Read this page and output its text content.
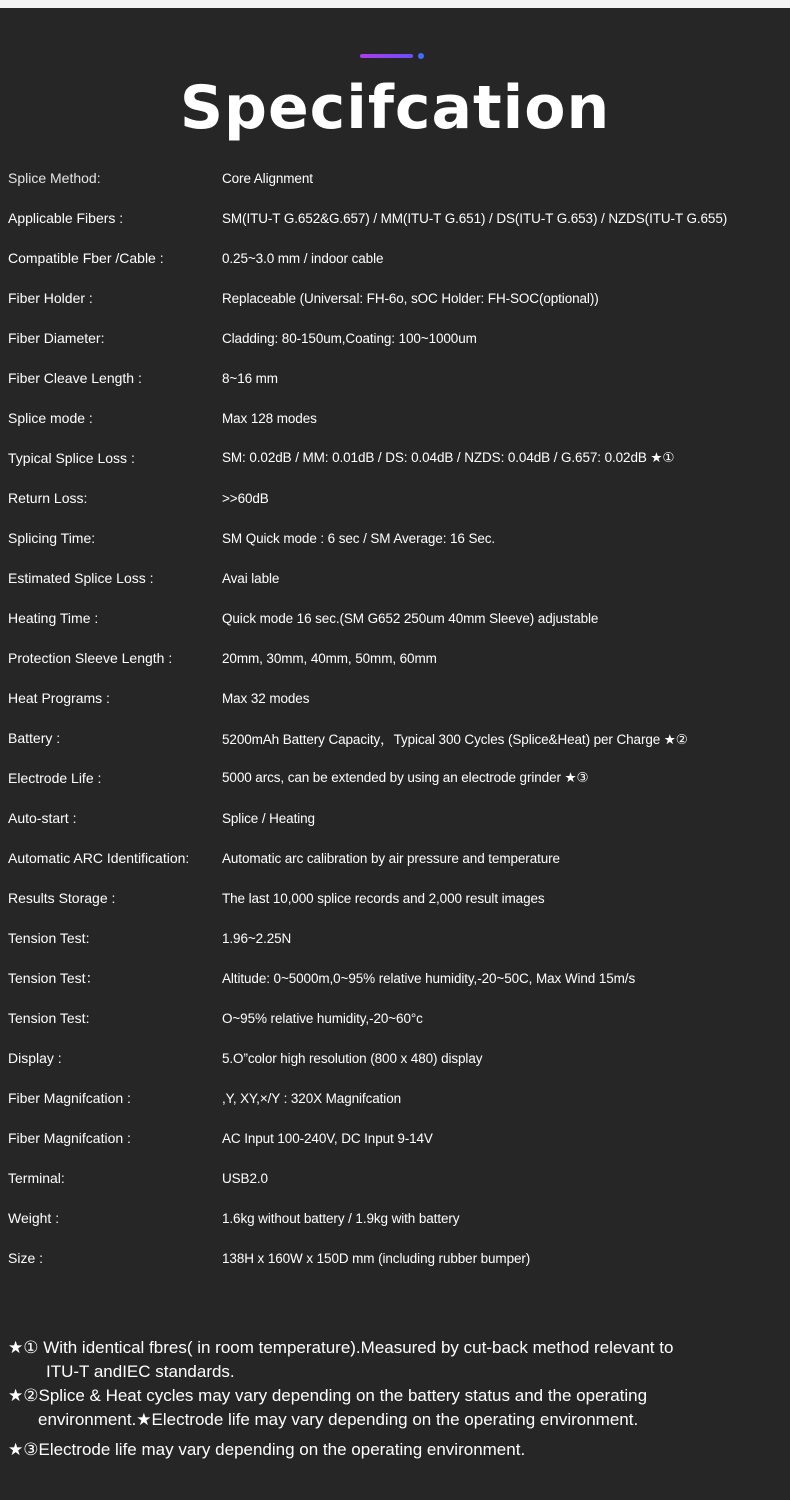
Specifcation
Splice Method:	Core Alignment
Applicable Fibers :	SM(ITU-T G.652&G.657) / MM(ITU-T G.651) / DS(ITU-T G.653) / NZDS(ITU-T G.655)
Compatible Fber /Cable :	0.25~3.0 mm / indoor cable
Fiber Holder :	Replaceable (Universal: FH-6o, sOC Holder: FH-SOC(optional))
Fiber Diameter:	Cladding: 80-150um,Coating: 100~1000um
Fiber Cleave Length :	8~16 mm
Splice mode :	Max 128 modes
Typical Splice Loss :	SM: 0.02dB / MM: 0.01dB / DS: 0.04dB / NZDS: 0.04dB / G.657: 0.02dB ★①
Return Loss:	>>60dB
Splicing Time:	SM Quick mode : 6 sec / SM Average: 16 Sec.
Estimated Splice Loss :	Avai lable
Heating Time :	Quick mode 16 sec.(SM G652 250um 40mm Sleeve) adjustable
Protection Sleeve Length :	20mm, 30mm, 40mm, 50mm, 60mm
Heat Programs :	Max 32 modes
Battery :	5200mAh Battery Capacity，Typical 300 Cycles (Splice&Heat) per Charge ★②
Electrode Life :	5000 arcs, can be extended by using an electrode grinder ★③
Auto-start :	Splice / Heating
Automatic ARC Identification:	Automatic arc calibration by air pressure and temperature
Results Storage :	The last 10,000 splice records and 2,000 result images
Tension Test:	1.96~2.25N
Tension Test：	Altitude: 0~5000m,0~95% relative humidity,-20~50C, Max Wind 15m/s
Tension Test:	O~95% relative humidity,-20~60°c
Display :	5.O”color high resolution (800 x 480) display
Fiber Magnifcation :	,Y, XY,×/Y : 320X Magnifcation
Fiber Magnifcation :	AC Input 100-240V, DC Input 9-14V
Terminal:	USB2.0
Weight :	1.6kg without battery / 1.9kg with battery
Size :	138H x 160W x 150D mm (including rubber bumper)
★① With identical fbres( in room temperature).Measured by cut-back method relevant to
ITU-T andIEC standards.
★②Splice & Heat cycles may vary depending on the battery status and the operating
environment.★Electrode life may vary depending on the operating environment.
★③Electrode life may vary depending on the operating environment.
